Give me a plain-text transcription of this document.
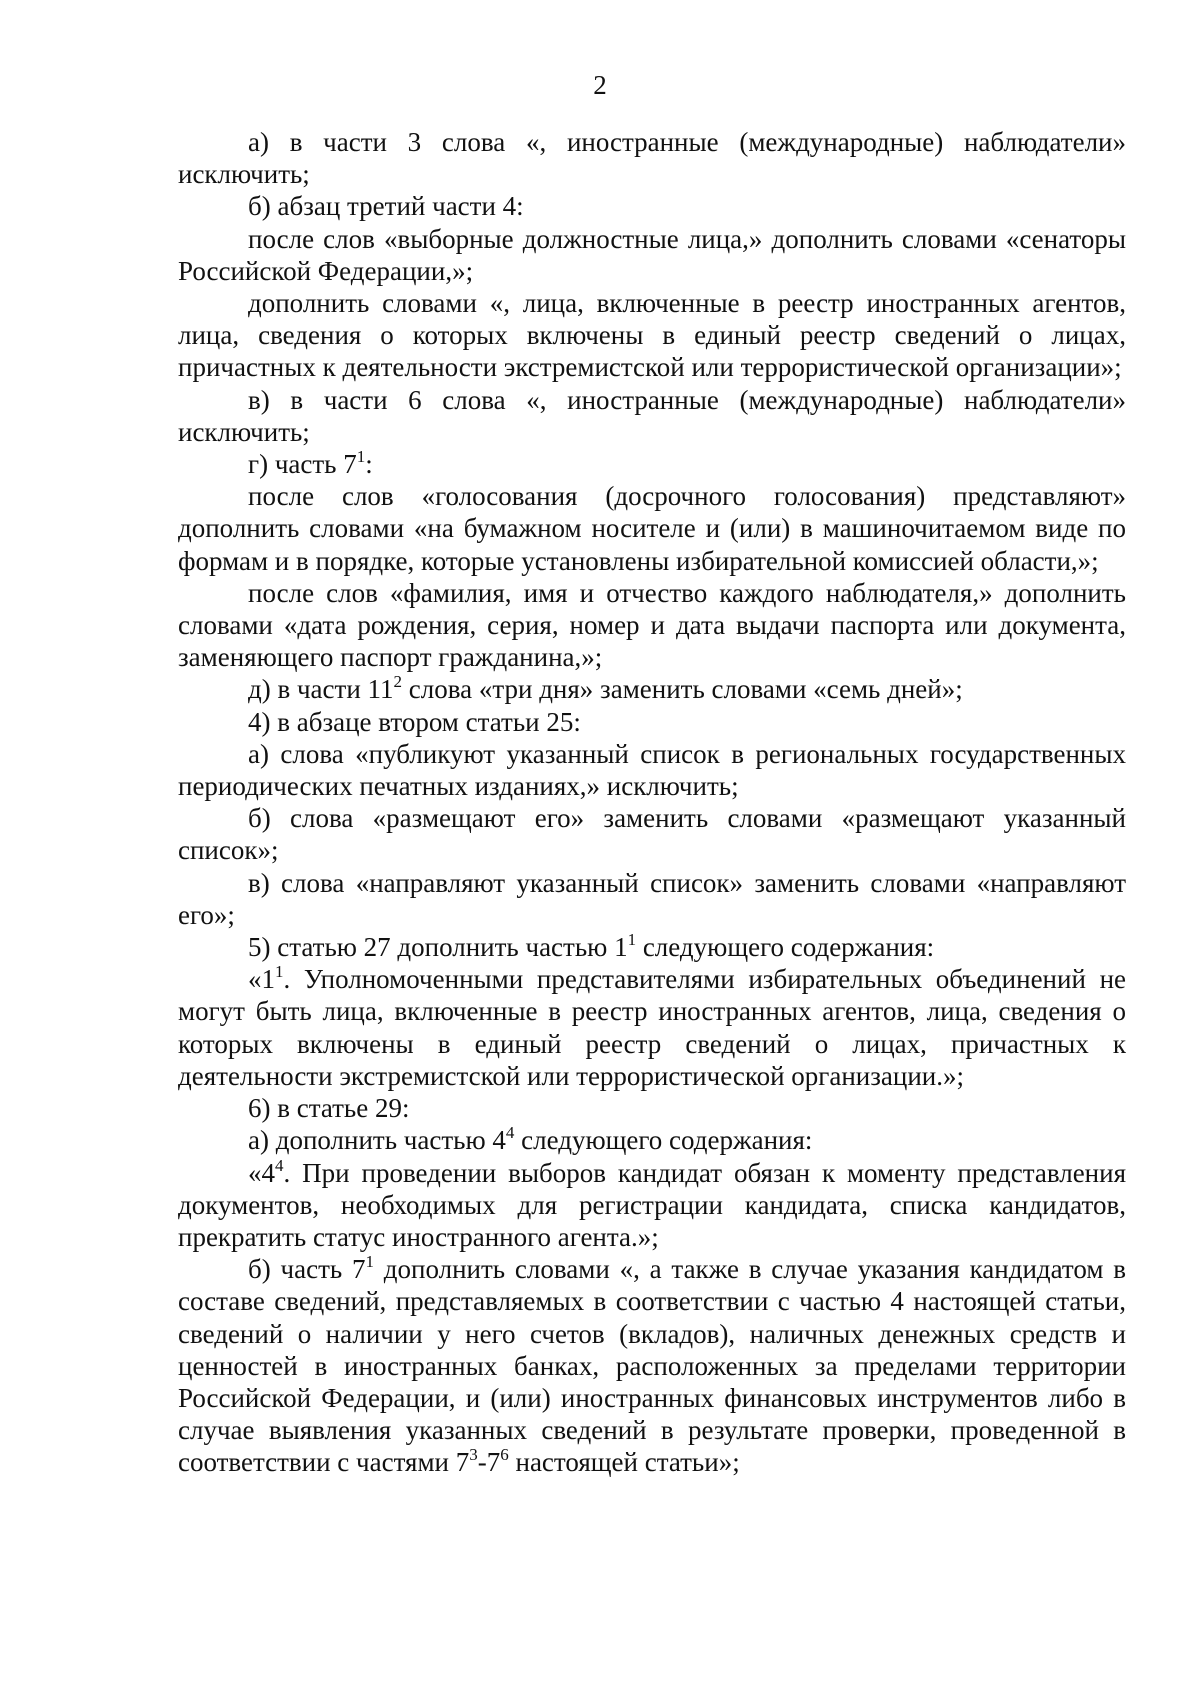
2

а) в части 3 слова «, иностранные (международные) наблюдатели» исключить;

б) абзац третий части 4:

после слов «выборные должностные лица,» дополнить словами «сенаторы Российской Федерации,»;

дополнить словами «, лица, включенные в реестр иностранных агентов, лица, сведения о которых включены в единый реестр сведений о лицах, причастных к деятельности экстремистской или террористической организации»;

в) в части 6 слова «, иностранные (международные) наблюдатели» исключить;

г) часть $7^1$:

после слов «голосования (досрочного голосования) представляют» дополнить словами «на бумажном носителе и (или) в машиночитаемом виде по формам и в порядке, которые установлены избирательной комиссией области,»;

после слов «фамилия, имя и отчество каждого наблюдателя,» дополнить словами «дата рождения, серия, номер и дата выдачи паспорта или документа, заменяющего паспорт гражданина,»;

д) в части $11^2$ слова «три дня» заменить словами «семь дней»;

4) в абзаце втором статьи 25:

а) слова «публикуют указанный список в региональных государственных периодических печатных изданиях,» исключить;

б) слова «размещают его» заменить словами «размещают указанный список»;

в) слова «направляют указанный список» заменить словами «направляют его»;

5) статью 27 дополнить частью $1^1$ следующего содержания:

«$1^1$. Уполномоченными представителями избирательных объединений не могут быть лица, включенные в реестр иностранных агентов, лица, сведения о которых включены в единый реестр сведений о лицах, причастных к деятельности экстремистской или террористической организации.»;

6) в статье 29:

а) дополнить частью $4^4$ следующего содержания:

«$4^4$. При проведении выборов кандидат обязан к моменту представления документов, необходимых для регистрации кандидата, списка кандидатов, прекратить статус иностранного агента.»;

б) часть $7^1$ дополнить словами «, а также в случае указания кандидатом в составе сведений, представляемых в соответствии с частью 4 настоящей статьи, сведений о наличии у него счетов (вкладов), наличных денежных средств и ценностей в иностранных банках, расположенных за пределами территории Российской Федерации, и (или) иностранных финансовых инструментов либо в случае выявления указанных сведений в результате проверки, проведенной в соответствии с частями $7^3-7^6$ настоящей статьи»;
